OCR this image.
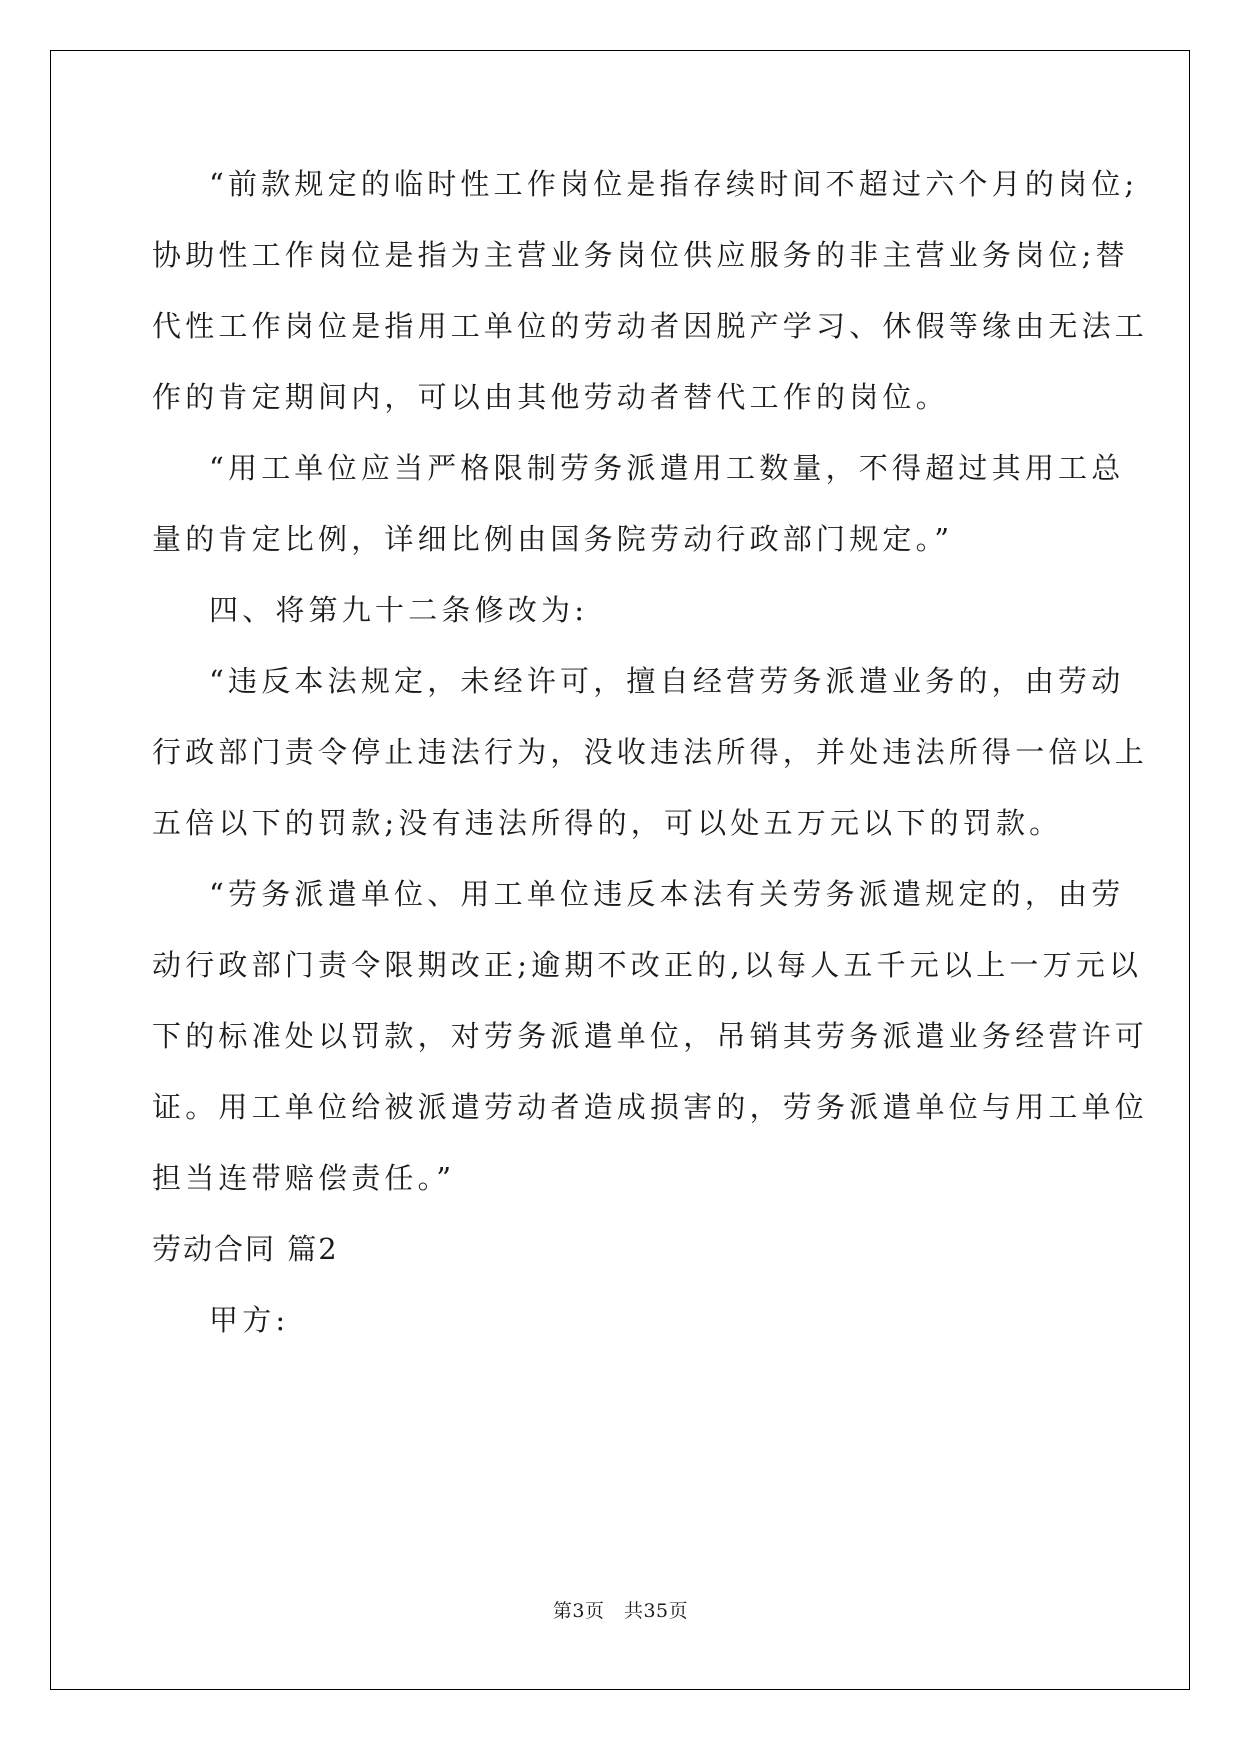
“前款规定的临时性工作岗位是指存续时间不超过六个月的岗位;
协助性工作岗位是指为主营业务岗位供应服务的非主营业务岗位;替
代性工作岗位是指用工单位的劳动者因脱产学习、休假等缘由无法工
作的肯定期间内，可以由其他劳动者替代工作的岗位。
“用工单位应当严格限制劳务派遣用工数量，不得超过其用工总
量的肯定比例，详细比例由国务院劳动行政部门规定。”
四、将第九十二条修改为:
“违反本法规定，未经许可，擅自经营劳务派遣业务的，由劳动
行政部门责令停止违法行为，没收违法所得，并处违法所得一倍以上
五倍以下的罚款;没有违法所得的，可以处五万元以下的罚款。
“劳务派遣单位、用工单位违反本法有关劳务派遣规定的，由劳
动行政部门责令限期改正;逾期不改正的,以每人五千元以上一万元以
下的标准处以罚款，对劳务派遣单位，吊销其劳务派遣业务经营许可
证。用工单位给被派遣劳动者造成损害的，劳务派遣单位与用工单位
担当连带赔偿责任。”
劳动合同 篇2
甲方:
第3页　共35页
